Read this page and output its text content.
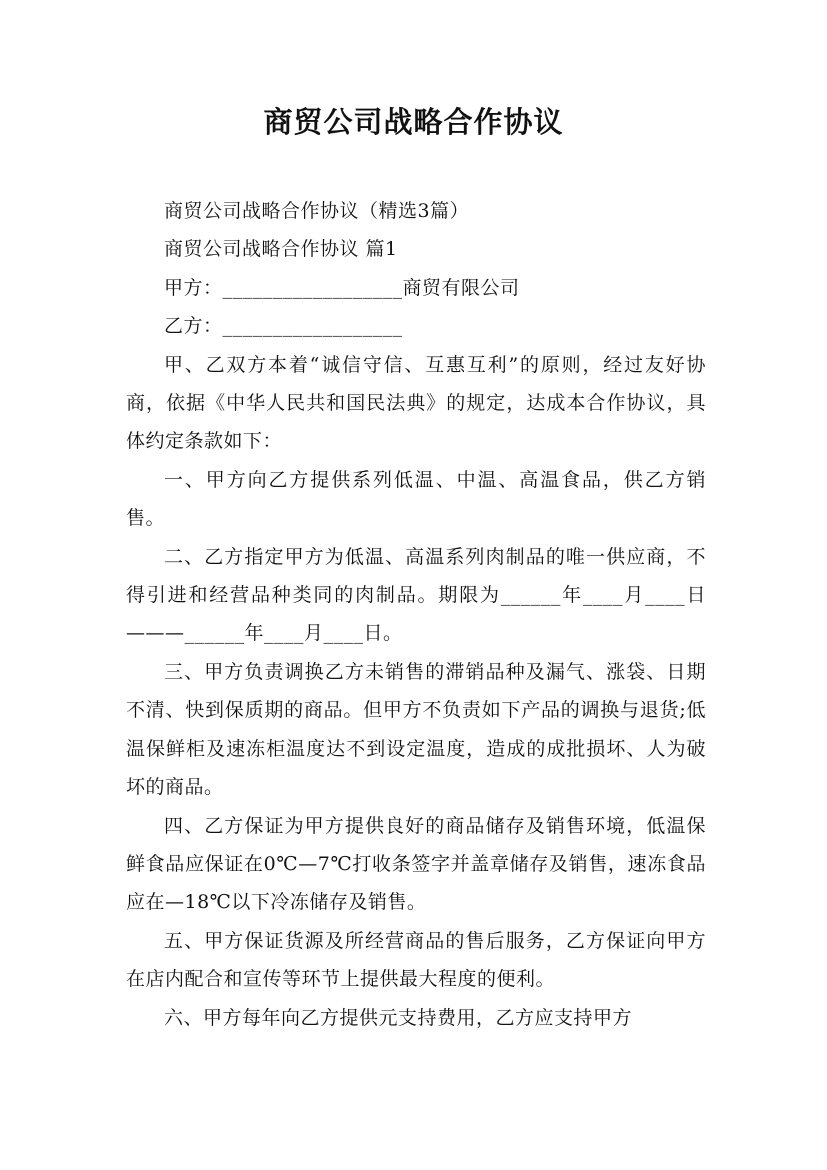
商贸公司战略合作协议

商贸公司战略合作协议（精选3篇）

商贸公司战略合作协议 篇1

甲方：__________________商贸有限公司

乙方：__________________

甲、乙双方本着“诚信守信、互惠互利”的原则，经过友好协商，依据《中华人民共和国民法典》的规定，达成本合作协议，具体约定条款如下：

一、甲方向乙方提供系列低温、中温、高温食品，供乙方销售。

二、乙方指定甲方为低温、高温系列肉制品的唯一供应商，不得引进和经营品种类同的肉制品。期限为______年____月____日———______年____月____日。

三、甲方负责调换乙方未销售的滞销品种及漏气、涨袋、日期不清、快到保质期的商品。但甲方不负责如下产品的调换与退货;低温保鲜柜及速冻柜温度达不到设定温度，造成的成批损坏、人为破坏的商品。

四、乙方保证为甲方提供良好的商品储存及销售环境，低温保鲜食品应保证在0℃—7℃打收条签字并盖章储存及销售，速冻食品应在—18℃以下冷冻储存及销售。

五、甲方保证货源及所经营商品的售后服务，乙方保证向甲方在店内配合和宣传等环节上提供最大程度的便利。

六、甲方每年向乙方提供元支持费用，乙方应支持甲方
